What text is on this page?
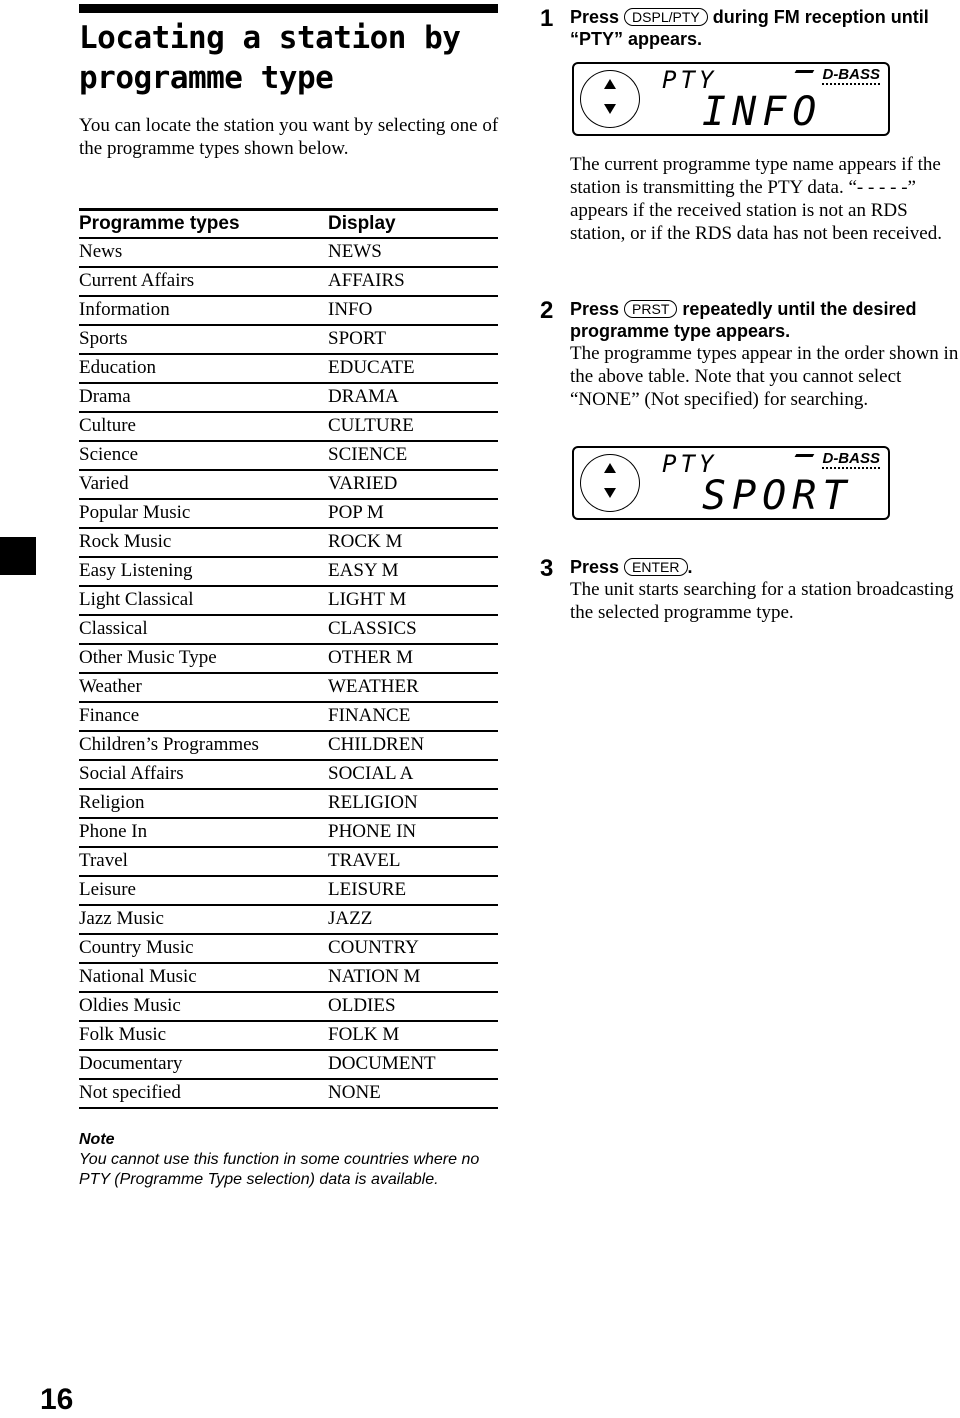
Locating a station by programme type

You can locate the station you want by selecting one of the programme types shown below.

Programme types	Display
News	NEWS
Current Affairs	AFFAIRS
Information	INFO
Sports	SPORT
Education	EDUCATE
Drama	DRAMA
Culture	CULTURE
Science	SCIENCE
Varied	VARIED
Popular Music	POP M
Rock Music	ROCK M
Easy Listening	EASY M
Light Classical	LIGHT M
Classical	CLASSICS
Other Music Type	OTHER M
Weather	WEATHER
Finance	FINANCE
Children’s Programmes	CHILDREN
Social Affairs	SOCIAL A
Religion	RELIGION
Phone In	PHONE IN
Travel	TRAVEL
Leisure	LEISURE
Jazz Music	JAZZ
Country Music	COUNTRY
National Music	NATION M
Oldies Music	OLDIES
Folk Music	FOLK M
Documentary	DOCUMENT
Not specified	NONE
Note
You cannot use this function in some countries where no PTY (Programme Type selection) data is available.
16
1 Press DSPL/PTY during FM reception until “PTY” appears.
PTY
INFO
D-BASS

The current programme type name appears if the station is transmitting the PTY data. “- - - - -” appears if the received station is not an RDS station, or if the RDS data has not been received.

2 Press PRST repeatedly until the desired programme type appears.

The programme types appear in the order shown in the above table. Note that you cannot select “NONE” (Not specified) for searching.

PTY
SPORT
D-BASS
3 Press ENTER .

The unit starts searching for a station broadcasting the selected programme type.
